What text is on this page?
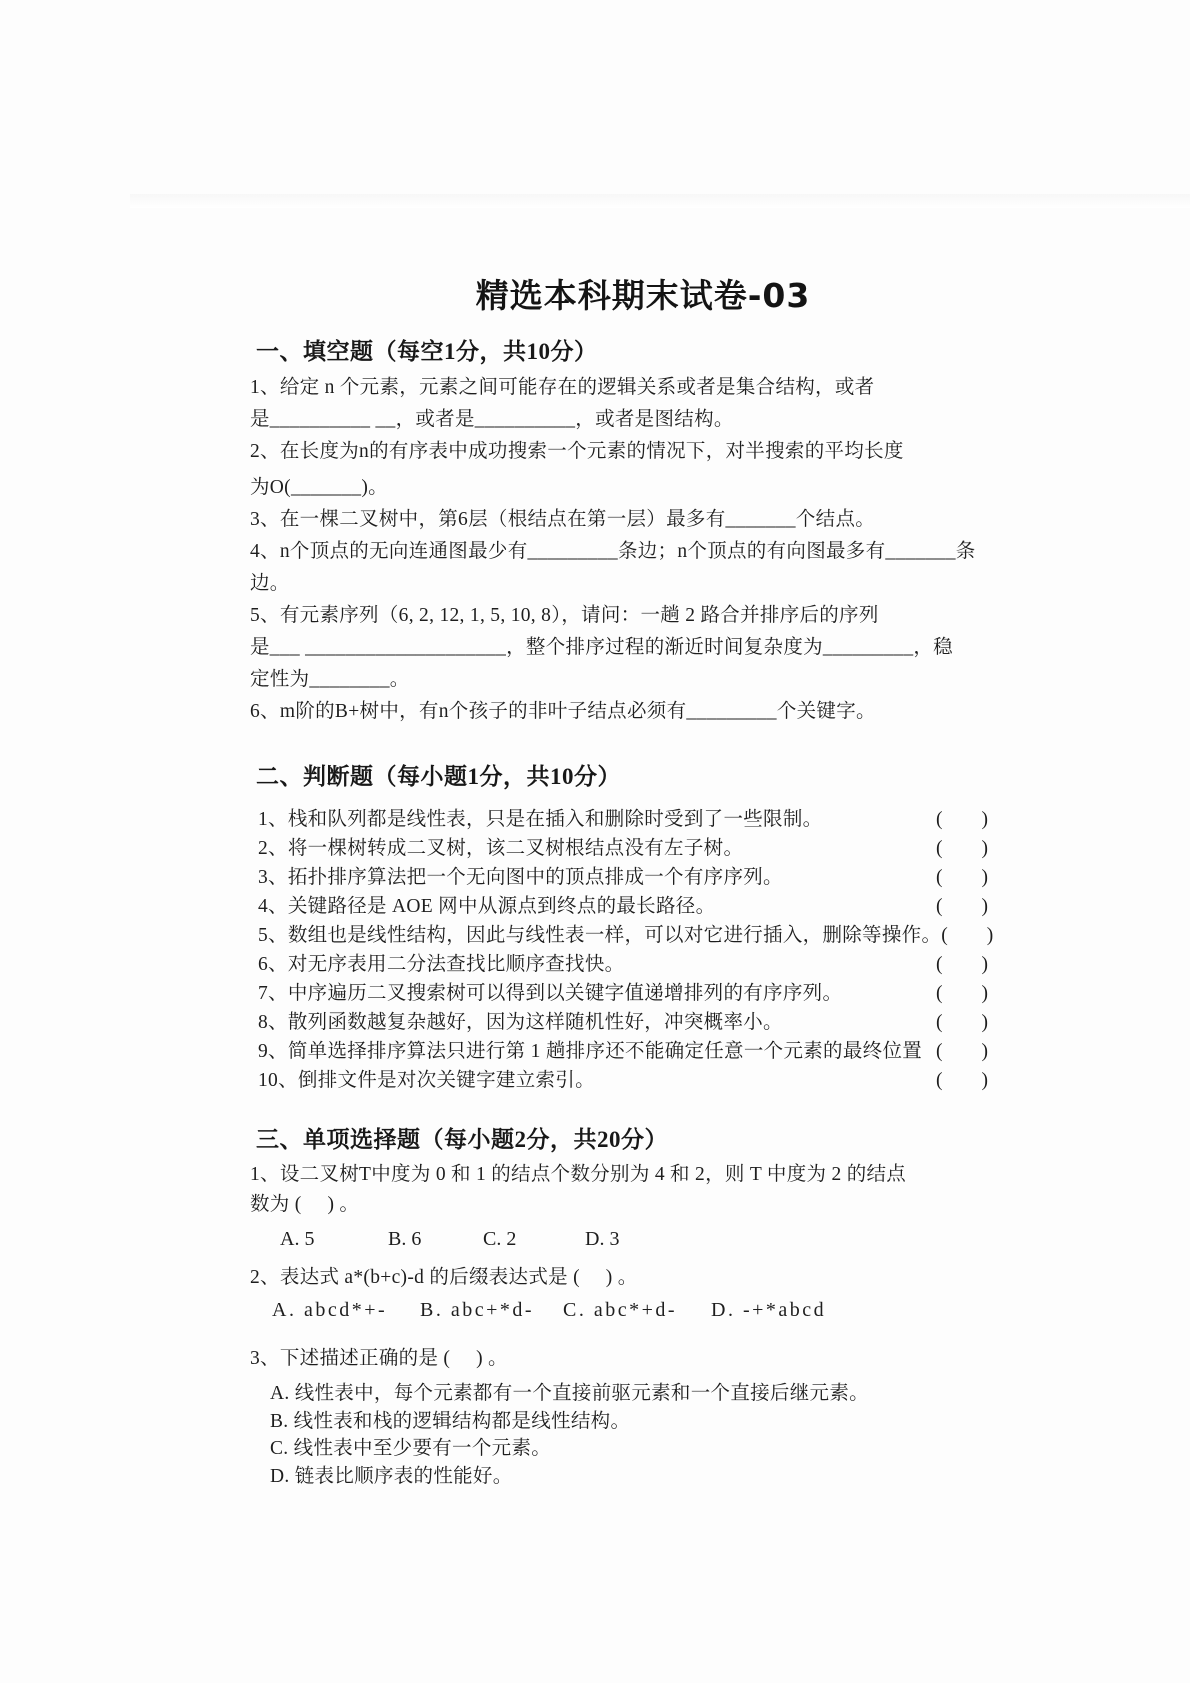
精选本科期末试卷-03
一、填空题（每空1分，共10分）

1、给定 n 个元素，元素之间可能存在的逻辑关系或者是集合结构，或者
是__________ __，或者是__________，或者是图结构。

2、在长度为n的有序表中成功搜索一个元素的情况下，对半搜索的平均长度
为O(_______)。

3、在一棵二叉树中，第6层（根结点在第一层）最多有_______个结点。

4、n个顶点的无向连通图最少有_________条边；n个顶点的有向图最多有_______条
边。

5、有元素序列（6, 2, 12, 1, 5, 10, 8），请问：一趟 2 路合并排序后的序列
是___ ____________________，整个排序过程的渐近时间复杂度为_________，稳
定性为________。

6、m阶的B+树中，有n个孩子的非叶子结点必须有_________个关键字。

二、判断题（每小题1分，共10分）
1、栈和队列都是线性表，只是在插入和删除时受到了一些限制。	(        )
2、将一棵树转成二叉树，该二叉树根结点没有左子树。	(        )
3、拓扑排序算法把一个无向图中的顶点排成一个有序序列。	(        )
4、关键路径是 AOE 网中从源点到终点的最长路径。	(        )
5、数组也是线性结构，因此与线性表一样，可以对它进行插入，删除等操作。 (        )
6、对无序表用二分法查找比顺序查找快。	(        )
7、中序遍历二叉搜索树可以得到以关键字值递增排列的有序序列。	(        )
8、散列函数越复杂越好，因为这样随机性好，冲突概率小。	(        )
9、简单选择排序算法只进行第 1 趟排序还不能确定任意一个元素的最终位置 (        )
10、倒排文件是对次关键字建立索引。	(        )
三、单项选择题（每小题2分，共20分）
1、设二叉树T中度为 0 和 1 的结点个数分别为 4 和 2，则 T 中度为 2 的结点
数为 (     ) 。
A. 5	B. 6	C. 2	D. 3
2、表达式 a*(b+c)-d 的后缀表达式是 (     ) 。
A. abcd*+-	B. abc+*d-	C. abc*+d-	D. -+*abcd
3、下述描述正确的是 (     ) 。
A. 线性表中，每个元素都有一个直接前驱元素和一个直接后继元素。
B. 线性表和栈的逻辑结构都是线性结构。
C. 线性表中至少要有一个元素。
D. 链表比顺序表的性能好。
